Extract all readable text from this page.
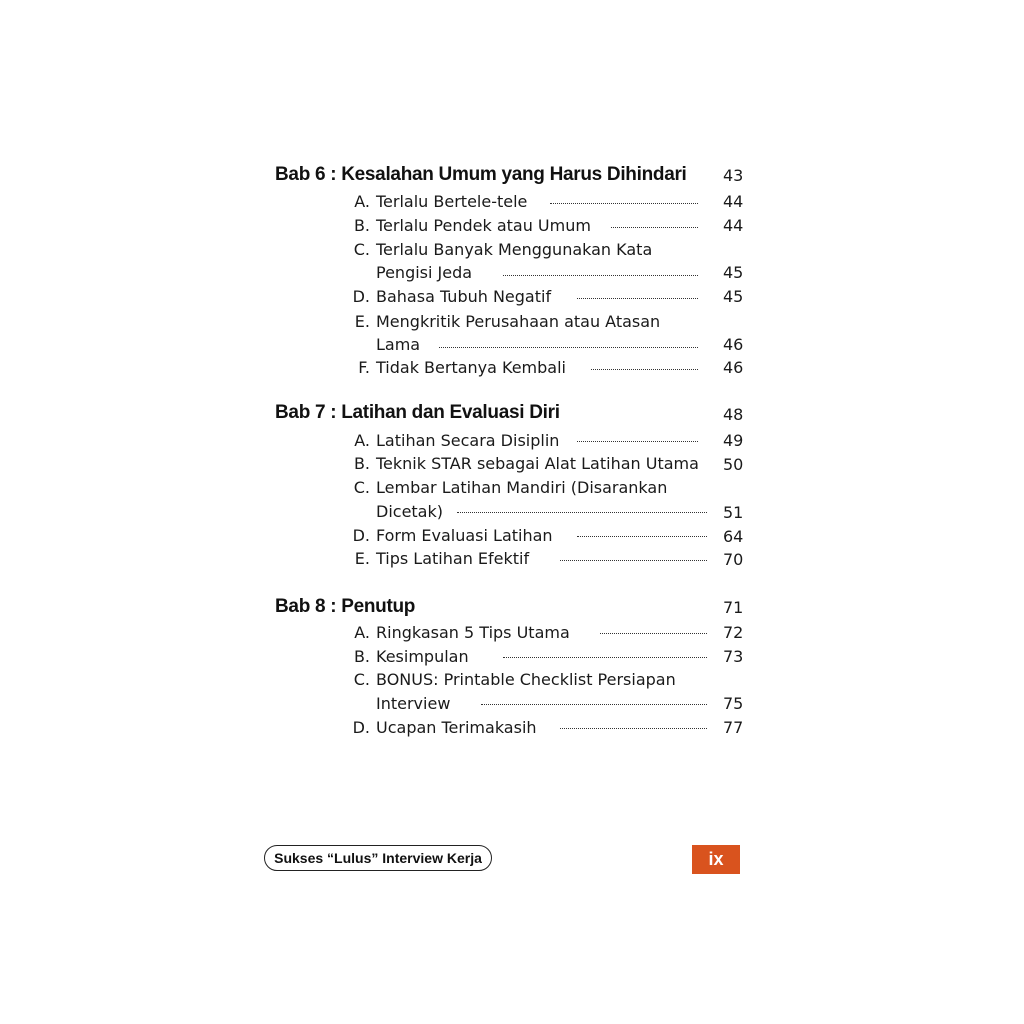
Bab 6 : Kesalahan Umum yang Harus Dihindari 43
A. Terlalu Bertele-tele	44
B. Terlalu Pendek atau Umum	44
C. Terlalu Banyak Menggunakan Kata
Pengisi Jeda	45
D. Bahasa Tubuh Negatif	45
E. Mengkritik Perusahaan atau Atasan
Lama	46
F. Tidak Bertanya Kembali	46
Bab 7 : Latihan dan Evaluasi Diri	48
A. Latihan Secara Disiplin	49
B. Teknik STAR sebagai Alat Latihan Utama 50
C. Lembar Latihan Mandiri (Disarankan
Dicetak)	51
D. Form Evaluasi Latihan	64
E. Tips Latihan Efektif	70
Bab 8 : Penutup	71
A. Ringkasan 5 Tips Utama	72
B. Kesimpulan	73
C. BONUS: Printable Checklist Persiapan
Interview	75
D. Ucapan Terimakasih	77
Sukses “Lulus” Interview Kerja	ix
